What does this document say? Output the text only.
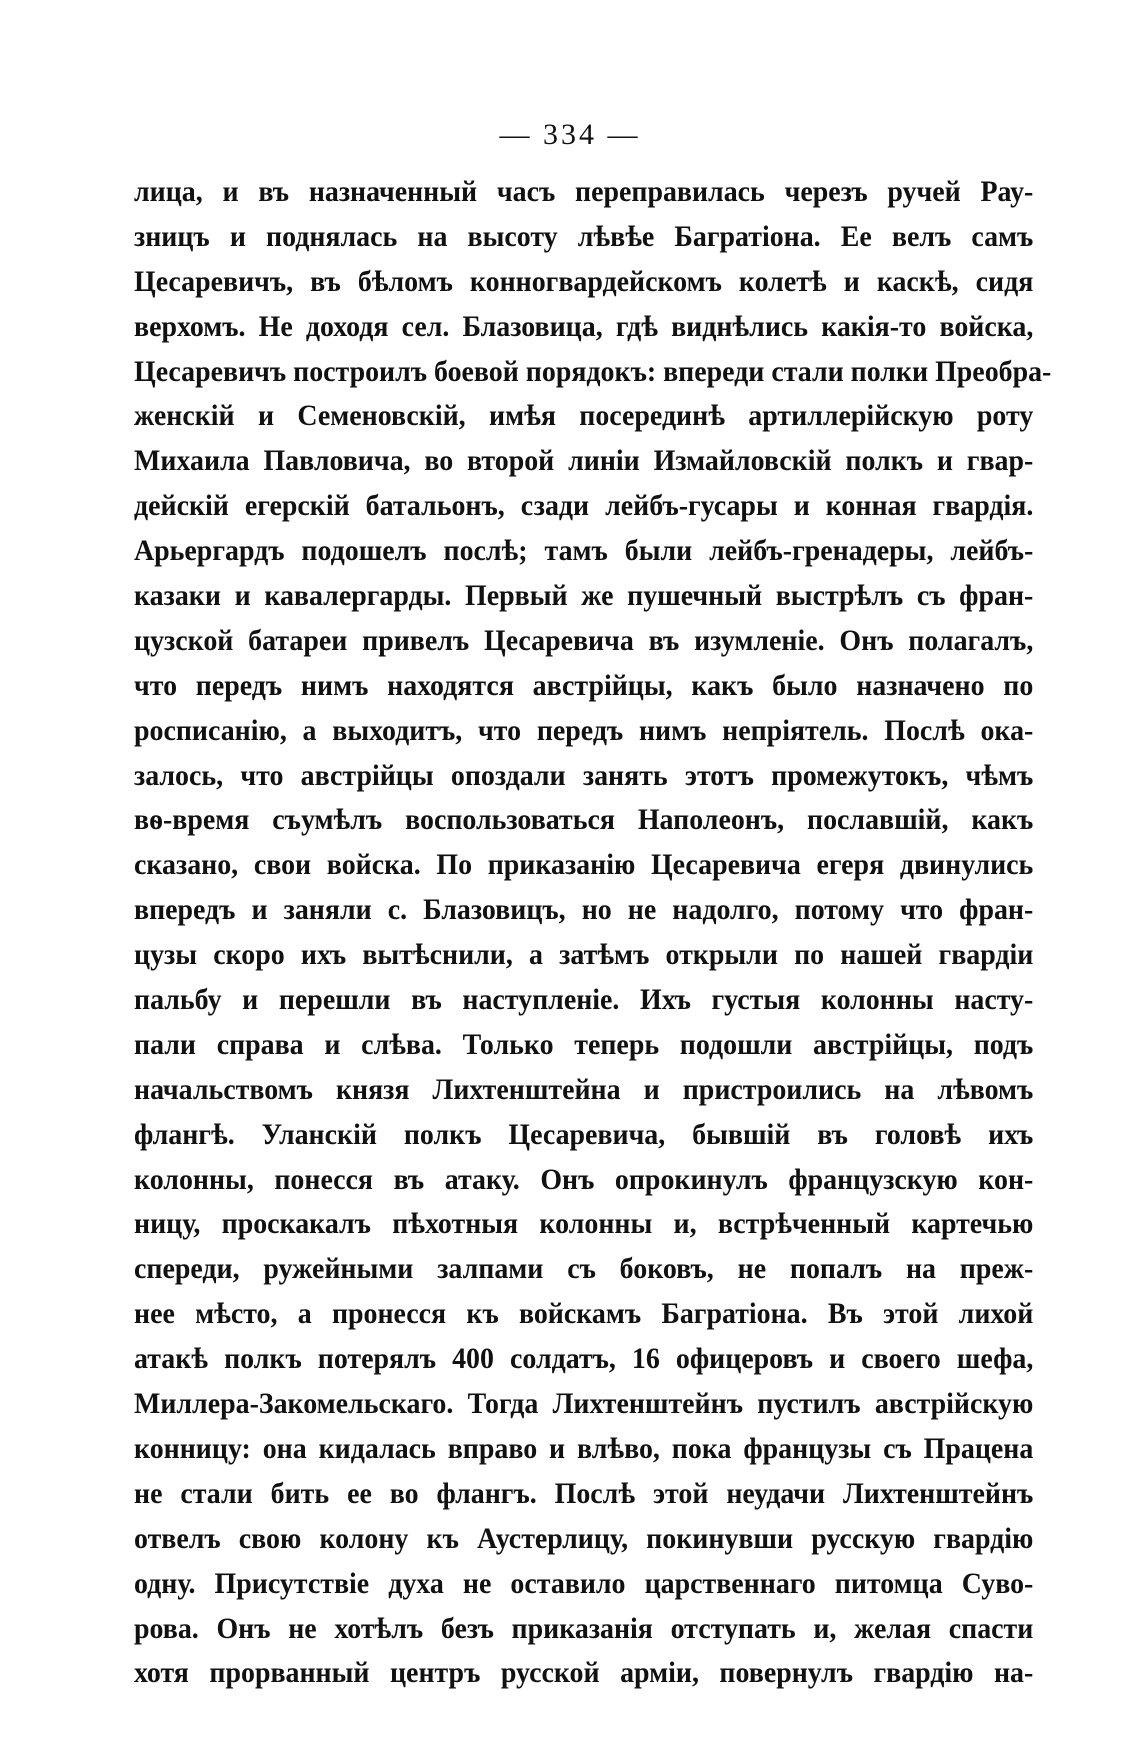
— 334 —
лица, и въ назначенный часъ переправилась черезъ ручей Рау-
зницъ и поднялась на высоту лѣвѣе Багратіона. Ее велъ самъ
Цесаревичъ, въ бѣломъ конногвардейскомъ колетѣ и каскѣ, сидя
верхомъ. Не доходя сел. Блазовица, гдѣ виднѣлись какія-то войска,
Цесаревичъ построилъ боевой порядокъ: впереди стали полки Преобра-
женскій и Семеновскій, имѣя посерединѣ артиллерійскую роту
Михаила Павловича, во второй линіи Измайловскій полкъ и гвар-
дейскій егерскій батальонъ, сзади лейбъ-гусары и конная гвардія.
Арьергардъ подошелъ послѣ; тамъ были лейбъ-гренадеры, лейбъ-
казаки и кавалергарды. Первый же пушечный выстрѣлъ съ фран-
цузской батареи привелъ Цесаревича въ изумленіе. Онъ полагалъ,
что передъ нимъ находятся австрійцы, какъ было назначено по
росписанію, а выходитъ, что передъ нимъ непріятель. Послѣ ока-
залось, что австрійцы опоздали занять этотъ промежутокъ, чѣмъ
вѳ-время съумѣлъ воспользоваться Наполеонъ, пославшій, какъ
сказано, свои войска. По приказанію Цесаревича егеря двинулись
впередъ и заняли с. Блазовицъ, но не надолго, потому что фран-
цузы скоро ихъ вытѣснили, а затѣмъ открыли по нашей гвардіи
пальбу и перешли въ наступленіе. Ихъ густыя колонны насту-
пали справа и слѣва. Только теперь подошли австрійцы, подъ
начальствомъ князя Лихтенштейна и пристроились на лѣвомъ
флангѣ. Уланскій полкъ Цесаревича, бывшій въ головѣ ихъ
колонны, понесся въ атаку. Онъ опрокинулъ французскую кон-
ницу, проскакалъ пѣхотныя колонны и, встрѣченный картечью
спереди, ружейными залпами съ боковъ, не попалъ на преж-
нее мѣсто, а пронесся къ войскамъ Багратіона. Въ этой лихой
атакѣ полкъ потерялъ 400 солдатъ, 16 офицеровъ и своего шефа,
Миллера-Закомельскаго. Тогда Лихтенштейнъ пустилъ австрійскую
конницу: она кидалась вправо и влѣво, пока французы съ Праценa
не стали бить ее во флангъ. Послѣ этой неудачи Лихтенштейнъ
отвелъ свою колону къ Аустерлицу, покинувши русскую гвардію
одну. Присутствіе духа не оставило царственнаго питомца Суво-
рова. Онъ не хотѣлъ безъ приказанія отступать и, желая спасти
хотя прорванный центръ русской арміи, повернулъ гвардію на-
